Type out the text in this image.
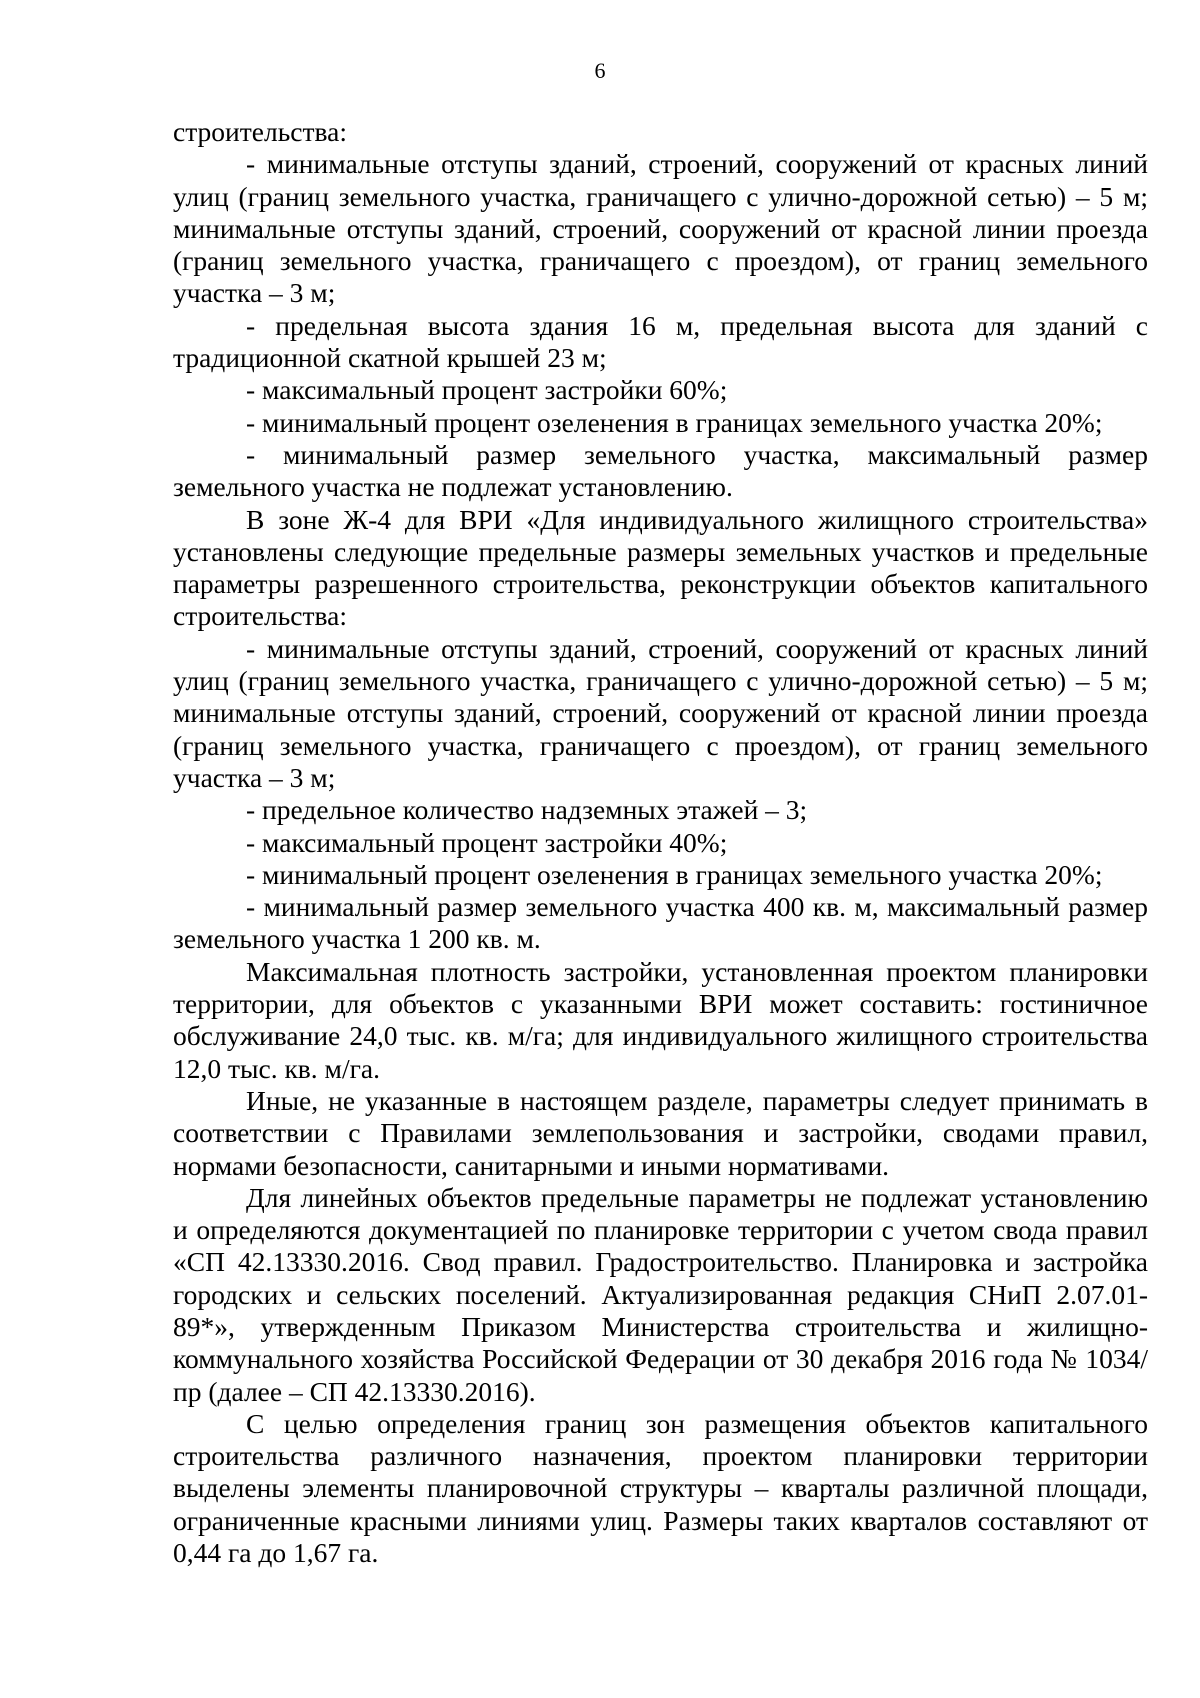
6

строительства:

- минимальные отступы зданий, строений, сооружений от красных линий улиц (границ земельного участка, граничащего с улично-дорожной сетью) – 5 м; минимальные отступы зданий, строений, сооружений от красной линии проезда (границ земельного участка, граничащего с проездом), от границ земельного участка – 3 м;

- предельная высота здания 16 м, предельная высота для зданий с традиционной скатной крышей 23 м;

- максимальный процент застройки 60%;

- минимальный процент озеленения в границах земельного участка 20%;

- минимальный размер земельного участка, максимальный размер земельного участка не подлежат установлению.

В зоне Ж-4 для ВРИ «Для индивидуального жилищного строительства» установлены следующие предельные размеры земельных участков и предельные параметры разрешенного строительства, реконструкции объектов капитального строительства:

- минимальные отступы зданий, строений, сооружений от красных линий улиц (границ земельного участка, граничащего с улично-дорожной сетью) – 5 м; минимальные отступы зданий, строений, сооружений от красной линии проезда (границ земельного участка, граничащего с проездом), от границ земельного участка – 3 м;

- предельное количество надземных этажей – 3;

- максимальный процент застройки 40%;

- минимальный процент озеленения в границах земельного участка 20%;

- минимальный размер земельного участка 400 кв. м, максимальный размер земельного участка 1 200 кв. м.

Максимальная плотность застройки, установленная проектом планировки территории, для объектов с указанными ВРИ может составить: гостиничное обслуживание 24,0 тыс. кв. м/га; для индивидуального жилищного строительства 12,0 тыс. кв. м/га.

Иные, не указанные в настоящем разделе, параметры следует принимать в соответствии с Правилами землепользования и застройки, сводами правил, нормами безопасности, санитарными и иными нормативами.

Для линейных объектов предельные параметры не подлежат установлению и определяются документацией по планировке территории с учетом свода правил «СП 42.13330.2016. Свод правил. Градостроительство. Планировка и застройка городских и сельских поселений. Актуализированная редакция СНиП 2.07.01-89*», утвержденным Приказом Министерства строительства и жилищно-коммунального хозяйства Российской Федерации от 30 декабря 2016 года № 1034/пр (далее – СП 42.13330.2016).

С целью определения границ зон размещения объектов капитального строительства различного назначения, проектом планировки территории выделены элементы планировочной структуры – кварталы различной площади, ограниченные красными линиями улиц. Размеры таких кварталов составляют от 0,44 га до 1,67 га.
